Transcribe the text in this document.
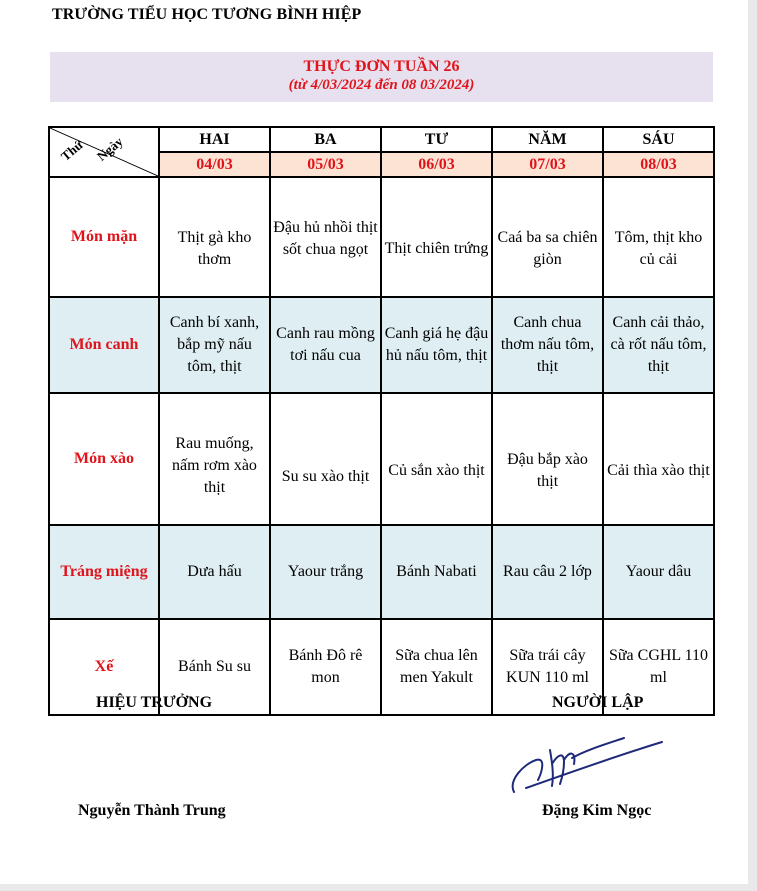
TRƯỜNG TIỂU HỌC TƯƠNG BÌNH HIỆP
THỰC ĐƠN TUẦN 26
(từ 4/03/2024 đến 08 03/2024)
Thứ Ngày	HAI	BA	TƯ	NĂM	SÁU
	04/03	05/03	06/03	07/03	08/03
Món mặn	Thịt gà kho thơm	Đậu hủ nhồi thịt sốt chua ngọt	Thịt chiên trứng	Caá ba sa chiên giòn	Tôm, thịt kho củ cải
Món canh	Canh bí xanh, bắp mỹ nấu tôm, thịt	Canh rau mồng tơi nấu cua	Canh giá hẹ đậu hủ nấu tôm, thịt	Canh chua thơm nấu tôm, thịt	Canh cải thảo, cà rốt nấu tôm, thịt
Món xào	Rau muống, nấm rơm xào thịt	Su su xào thịt	Củ sắn xào thịt	Đậu bắp xào thịt	Cải thìa xào thịt
Tráng miệng	Dưa hấu	Yaour trắng	Bánh Nabati	Rau câu 2 lớp	Yaour dâu
Xế	Bánh Su su	Bánh Đô rê mon	Sữa chua lên men Yakult	Sữa trái cây KUN 110 ml	Sữa CGHL 110 ml
HIỆU TRƯỞNG	NGƯỜI LẬP
Nguyễn Thành Trung	Đặng Kim Ngọc
